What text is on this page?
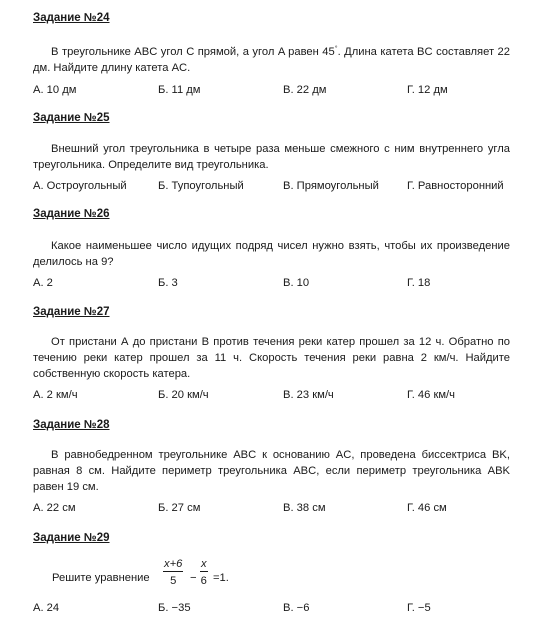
Задание №24
В треугольнике ABC угол C прямой, а угол A равен 45°. Длина катета BC составляет 22 дм. Найдите длину катета AC.
А. 10 дм	Б. 11 дм	В. 22 дм	Г. 12 дм
Задание №25
Внешний угол треугольника в четыре раза меньше смежного с ним внутреннего угла треугольника. Определите вид треугольника.
А. Остроугольный	Б. Тупоугольный	В. Прямоугольный	Г. Равносторонний
Задание №26
Какое наименьшее число идущих подряд чисел нужно взять, чтобы их произведение делилось на 9?
А. 2	Б. 3	В. 10	Г. 18
Задание №27
От пристани А до пристани В против течения реки катер прошел за 12 ч. Обратно по течению реки катер прошел за 11 ч. Скорость течения реки равна 2 км/ч. Найдите собственную скорость катера.
А. 2 км/ч	Б. 20 км/ч	В. 23 км/ч	Г. 46 км/ч
Задание №28
В равнобедренном треугольнике ABC к основанию AC, проведена биссектриса BK, равная 8 см. Найдите периметр треугольника ABC, если периметр треугольника ABK равен 19 см.
А. 22 см	Б. 27 см	В. 38 см	Г. 46 см
Задание №29
Решите уравнение $\frac{x+6}{5} - \frac{x}{6} =1$.
А. 24	Б. −35	В. −6	Г. −5
